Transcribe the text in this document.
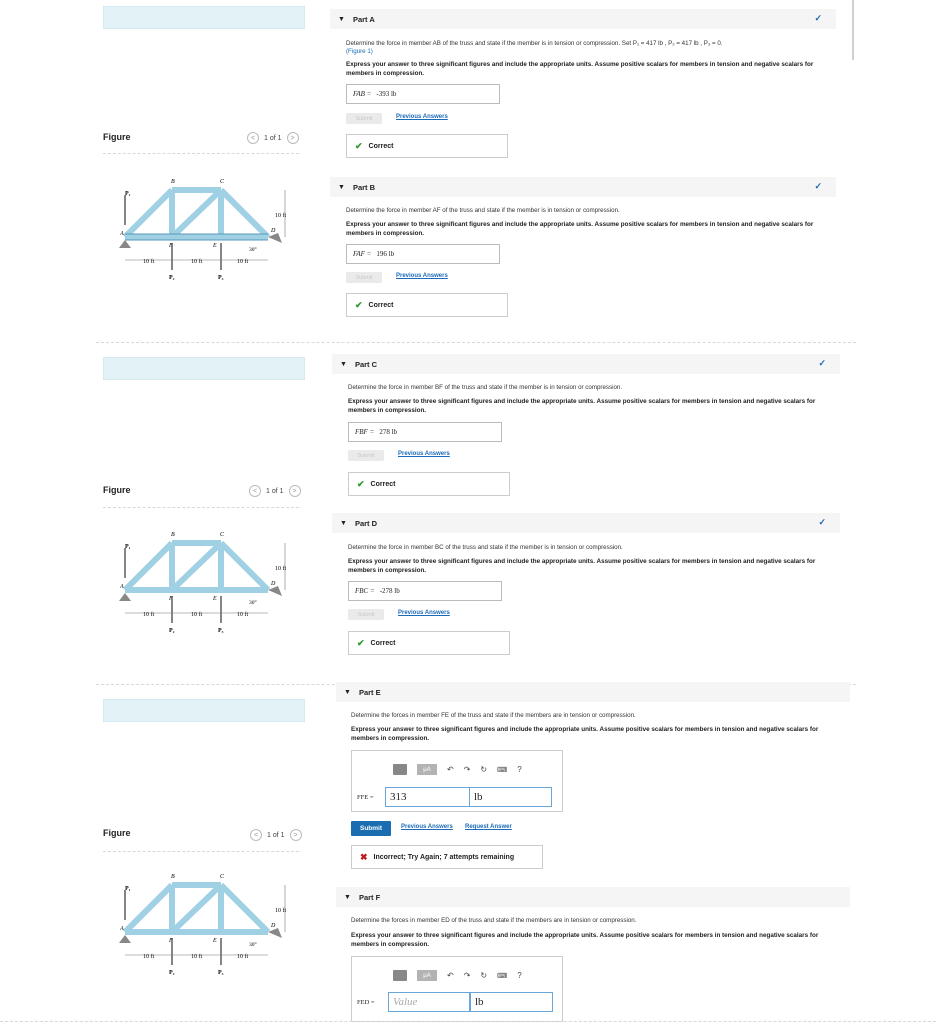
Figure	<	1 of 1	>
P₁
B	C
A	D
F	E
10 ft
10 ft	10 ft	10 ft
30°
P₂	P₃
Figure	<	1 of 1	>
P₁
B	C
A	D
F	E
10 ft
10 ft	10 ft	10 ft
30°
P₂	P₃
Figure	<	1 of 1	>
P₁
B	C
A	D
F	E
10 ft
10 ft	10 ft	10 ft
30°
P₂	P₃
▼ Part A	✓
Determine the force in member AB of the truss and state if the member is in tension or compression. Set P₁ = 417 lb , P₂ = 417 lb , P₃ = 0.
(Figure 1)
Express your answer to three significant figures and include the appropriate units. Assume positive scalars for members in tension and negative scalars for members in compression.
FAB = -393 lb
Submit	Previous Answers
✔ Correct
▼ Part B	✓
Determine the force in member AF of the truss and state if the member is in tension or compression.
Express your answer to three significant figures and include the appropriate units. Assume positive scalars for members in tension and negative scalars for members in compression.
FAF = 196 lb
Submit	Previous Answers
✔ Correct
▼ Part C	✓
Determine the force in member BF of the truss and state if the member is in tension or compression.
Express your answer to three significant figures and include the appropriate units. Assume positive scalars for members in tension and negative scalars for members in compression.
FBF = 278 lb
Submit	Previous Answers
✔ Correct
▼ Part D	✓
Determine the force in member BC of the truss and state if the member is in tension or compression.
Express your answer to three significant figures and include the appropriate units. Assume positive scalars for members in tension and negative scalars for members in compression.
FBC = -278 lb
Submit	Previous Answers
✔ Correct
▼ Part E
Determine the forces in member FE of the truss and state if the members are in tension or compression.
Express your answer to three significant figures and include the appropriate units. Assume positive scalars for members in tension and negative scalars for members in compression.
μA	↶ ↷ ↻ ⌨ ?
FFE =	313	lb
Submit	Previous Answers Request Answer
✖ Incorrect; Try Again; 7 attempts remaining
▼ Part F
Determine the forces in member ED of the truss and state if the members are in tension or compression.
Express your answer to three significant figures and include the appropriate units. Assume positive scalars for members in tension and negative scalars for members in compression.
μA	↶ ↷ ↻ ⌨ ?
FED =	Value	lb
